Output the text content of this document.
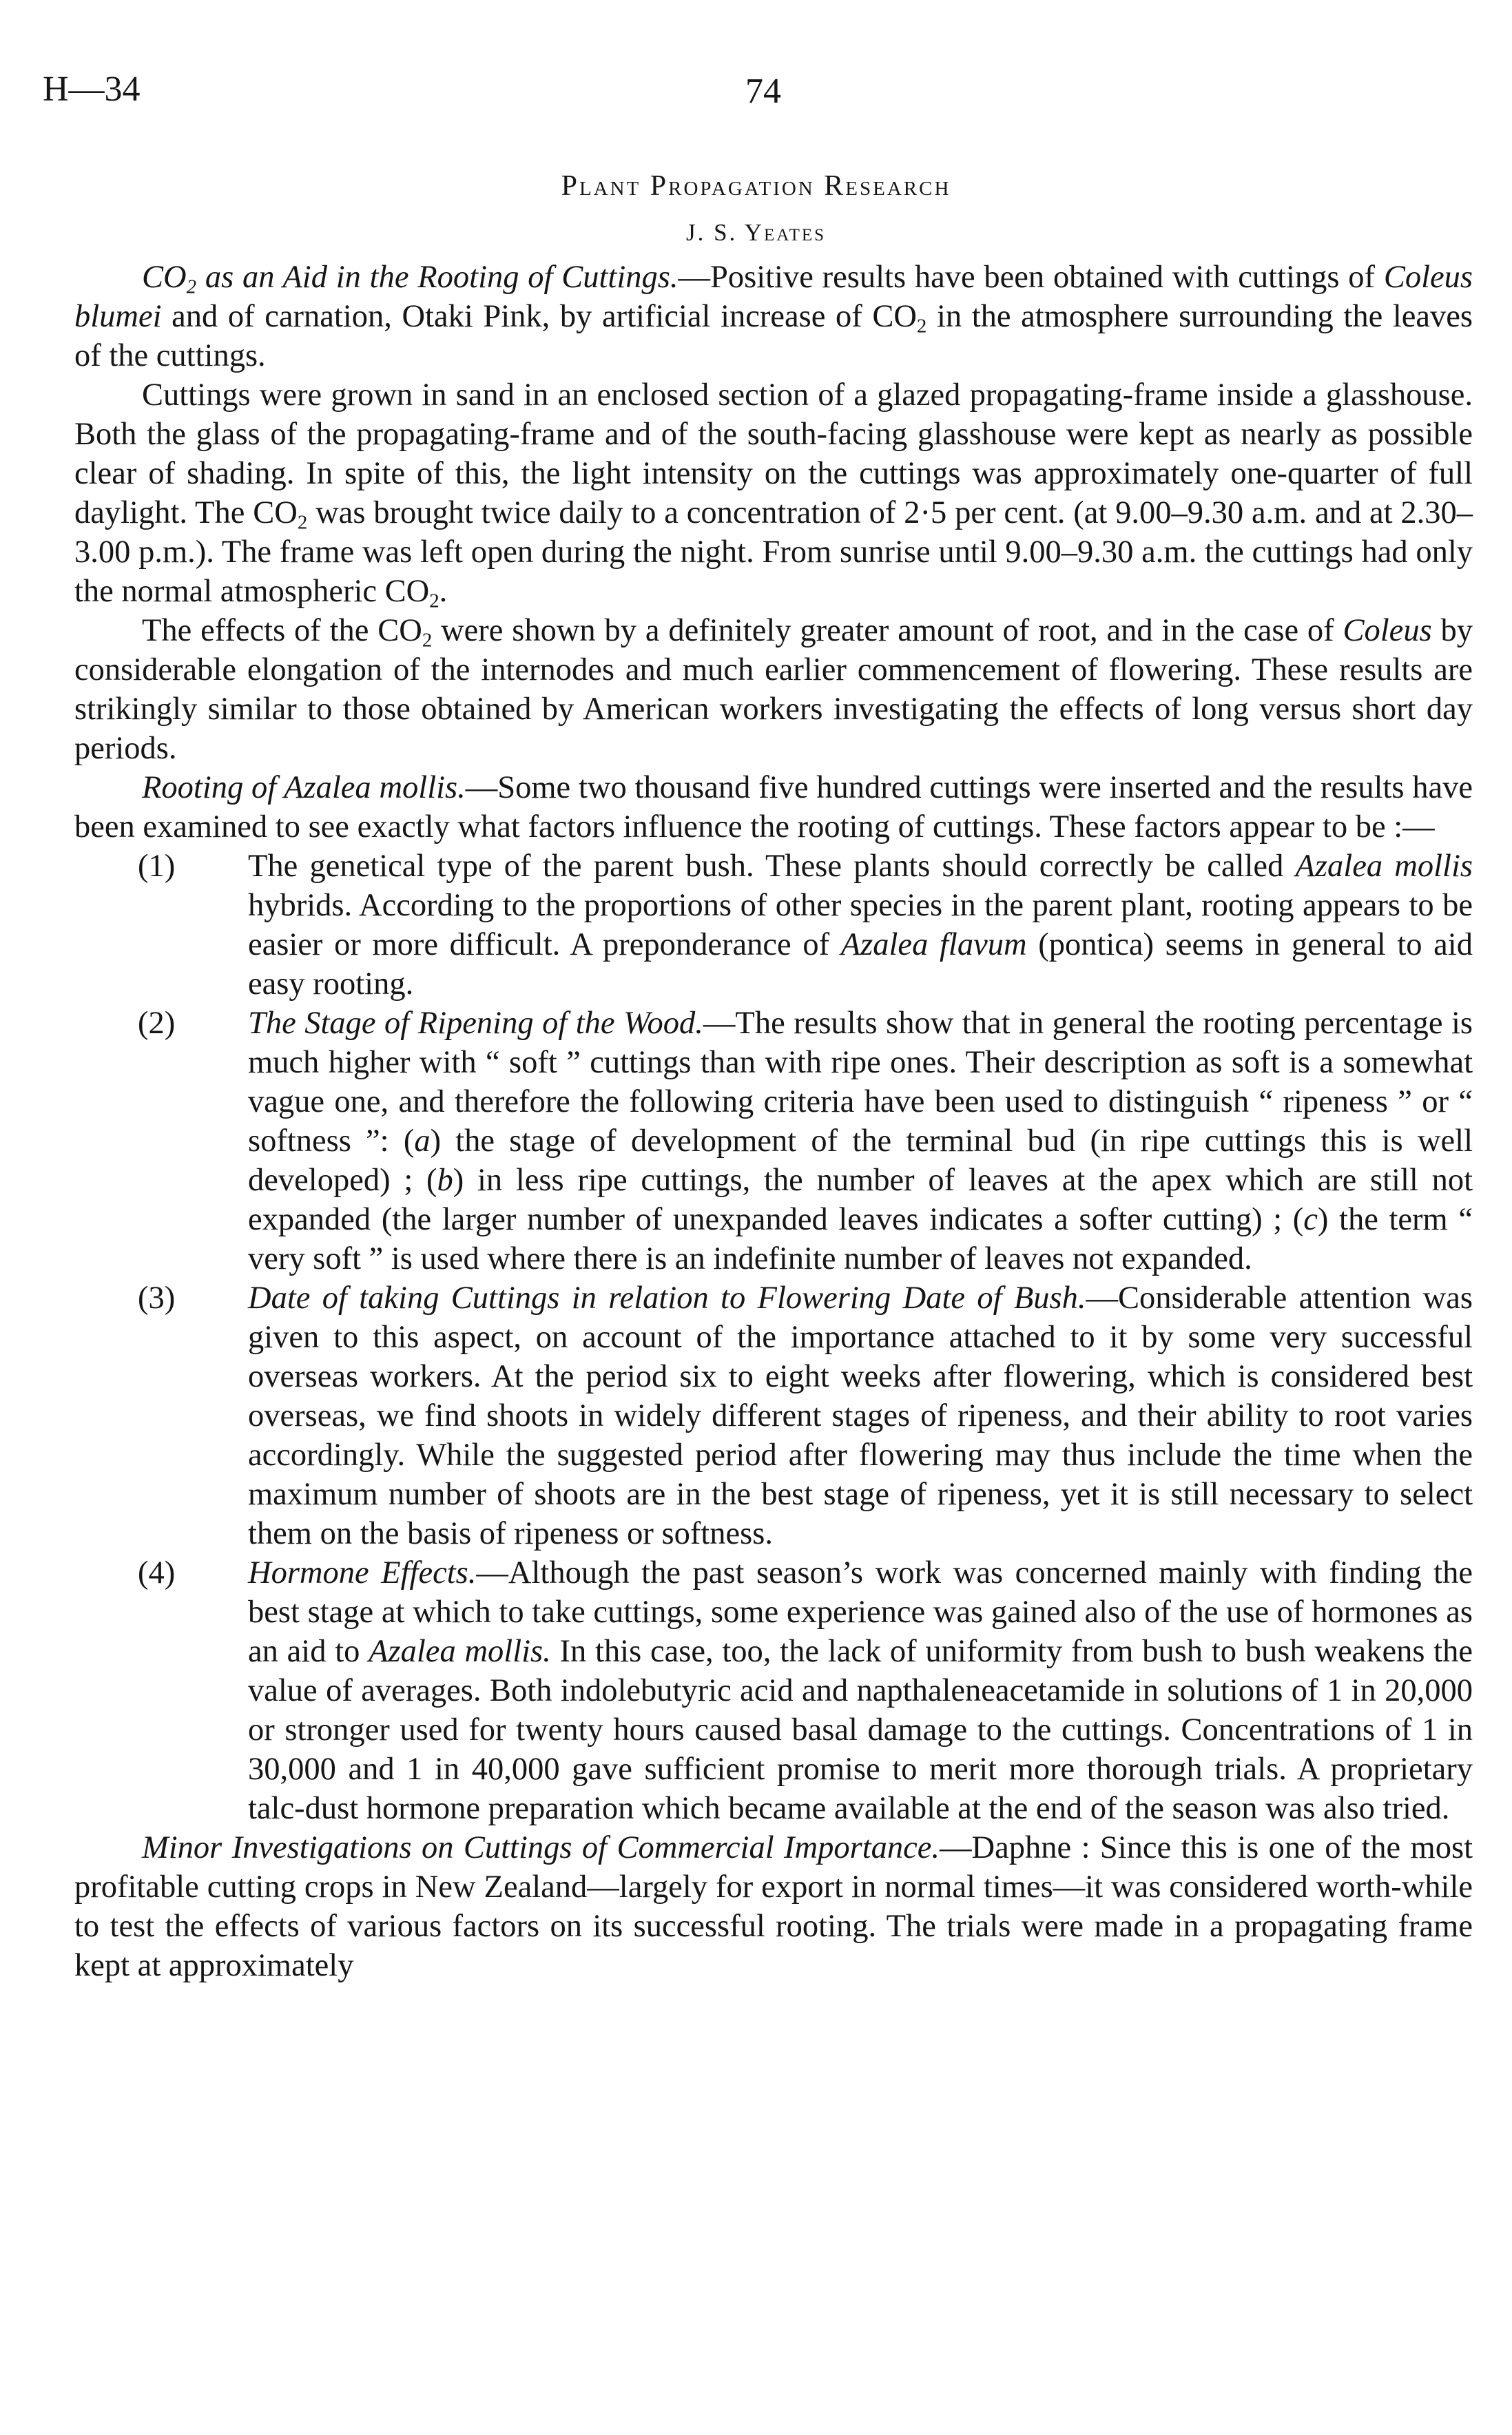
H—34	74
Plant Propagation Research
J. S. Yeates

$CO_2$ as an Aid in the Rooting of Cuttings.—Positive results have been obtained with cuttings of Coleus blumei and of carnation, Otaki Pink, by artificial increase of $CO_2$ in the atmosphere surrounding the leaves of the cuttings.

Cuttings were grown in sand in an enclosed section of a glazed propagating-frame inside a glasshouse. Both the glass of the propagating-frame and of the south-facing glasshouse were kept as nearly as possible clear of shading. In spite of this, the light intensity on the cuttings was approximately one-quarter of full daylight. The $CO_2$ was brought twice daily to a concentration of 2·5 per cent. (at 9.00–9.30 a.m. and at 2.30–3.00 p.m.). The frame was left open during the night. From sunrise until 9.00–9.30 a.m. the cuttings had only the normal atmospheric $CO_2$.

The effects of the $CO_2$ were shown by a definitely greater amount of root, and in the case of Coleus by considerable elongation of the internodes and much earlier commencement of flowering. These results are strikingly similar to those obtained by American workers investigating the effects of long versus short day periods.

Rooting of Azalea mollis.—Some two thousand five hundred cuttings were inserted and the results have been examined to see exactly what factors influence the rooting of cuttings. These factors appear to be :—

(1) The genetical type of the parent bush. These plants should correctly be called Azalea mollis hybrids. According to the proportions of other species in the parent plant, rooting appears to be easier or more difficult. A preponderance of Azalea flavum (pontica) seems in general to aid easy rooting.
(2) The Stage of Ripening of the Wood.—The results show that in general the rooting percentage is much higher with “ soft ” cuttings than with ripe ones. Their description as soft is a somewhat vague one, and therefore the following criteria have been used to distinguish “ ripeness ” or “ softness ”: (a) the stage of development of the terminal bud (in ripe cuttings this is well developed) ; (b) in less ripe cuttings, the number of leaves at the apex which are still not expanded (the larger number of unexpanded leaves indicates a softer cutting) ; (c) the term “ very soft ” is used where there is an indefinite number of leaves not expanded.
(3) Date of taking Cuttings in relation to Flowering Date of Bush.—Considerable attention was given to this aspect, on account of the importance attached to it by some very successful overseas workers. At the period six to eight weeks after flowering, which is considered best overseas, we find shoots in widely different stages of ripeness, and their ability to root varies accordingly. While the suggested period after flowering may thus include the time when the maximum number of shoots are in the best stage of ripeness, yet it is still necessary to select them on the basis of ripeness or softness.
(4) Hormone Effects.—Although the past season’s work was concerned mainly with finding the best stage at which to take cuttings, some experience was gained also of the use of hormones as an aid to Azalea mollis. In this case, too, the lack of uniformity from bush to bush weakens the value of averages. Both indolebutyric acid and napthaleneacetamide in solutions of 1 in 20,000 or stronger used for twenty hours caused basal damage to the cuttings. Concentrations of 1 in 30,000 and 1 in 40,000 gave sufficient promise to merit more thorough trials. A proprietary talc-dust hormone preparation which became available at the end of the season was also tried.

Minor Investigations on Cuttings of Commercial Importance.—Daphne : Since this is one of the most profitable cutting crops in New Zealand—largely for export in normal times—it was considered worth-while to test the effects of various factors on its successful rooting. The trials were made in a propagating frame kept at approximately
